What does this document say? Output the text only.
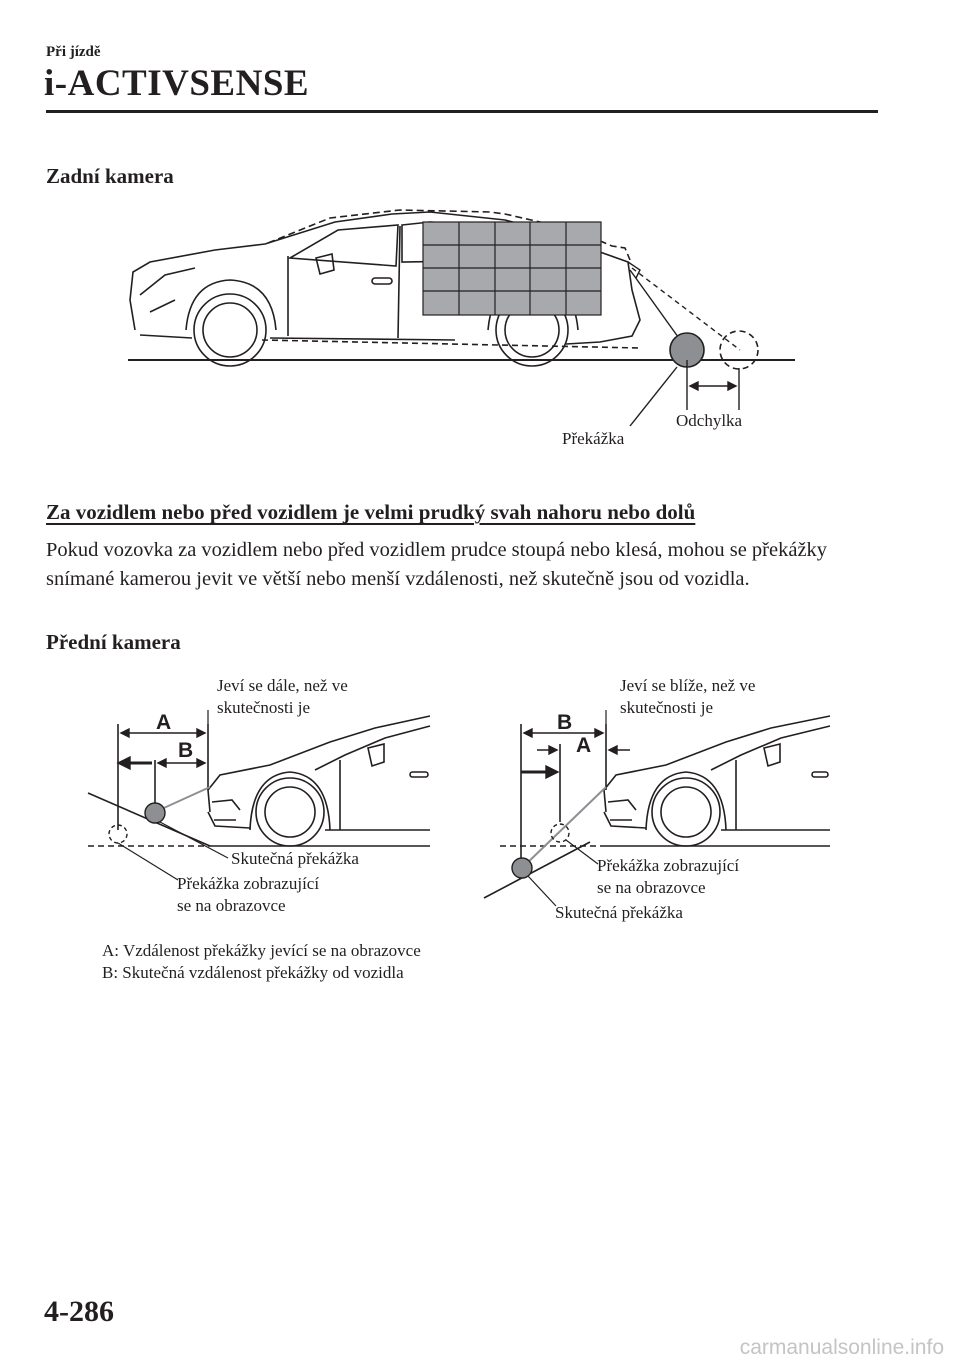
Při jízdě
i-ACTIVSENSE
Zadní kamera
Odchylka
Překážka
Za vozidlem nebo před vozidlem je velmi prudký svah nahoru nebo dolů
Pokud vozovka za vozidlem nebo před vozidlem prudce stoupá nebo klesá, mohou se překážky snímané kamerou jevit ve větší nebo menší vzdálenosti, než skutečně jsou od vozidla.
Přední kamera
A
B
B
A
Jeví se dále, než ve
skutečnosti je
Skutečná překážka
Překážka zobrazující
se na obrazovce
Jeví se blíže, než ve
skutečnosti je
Překážka zobrazující
se na obrazovce
Skutečná překážka
A: Vzdálenost překážky jevící se na obrazovce
B: Skutečná vzdálenost překážky od vozidla
4-286
carmanualsonline.info
